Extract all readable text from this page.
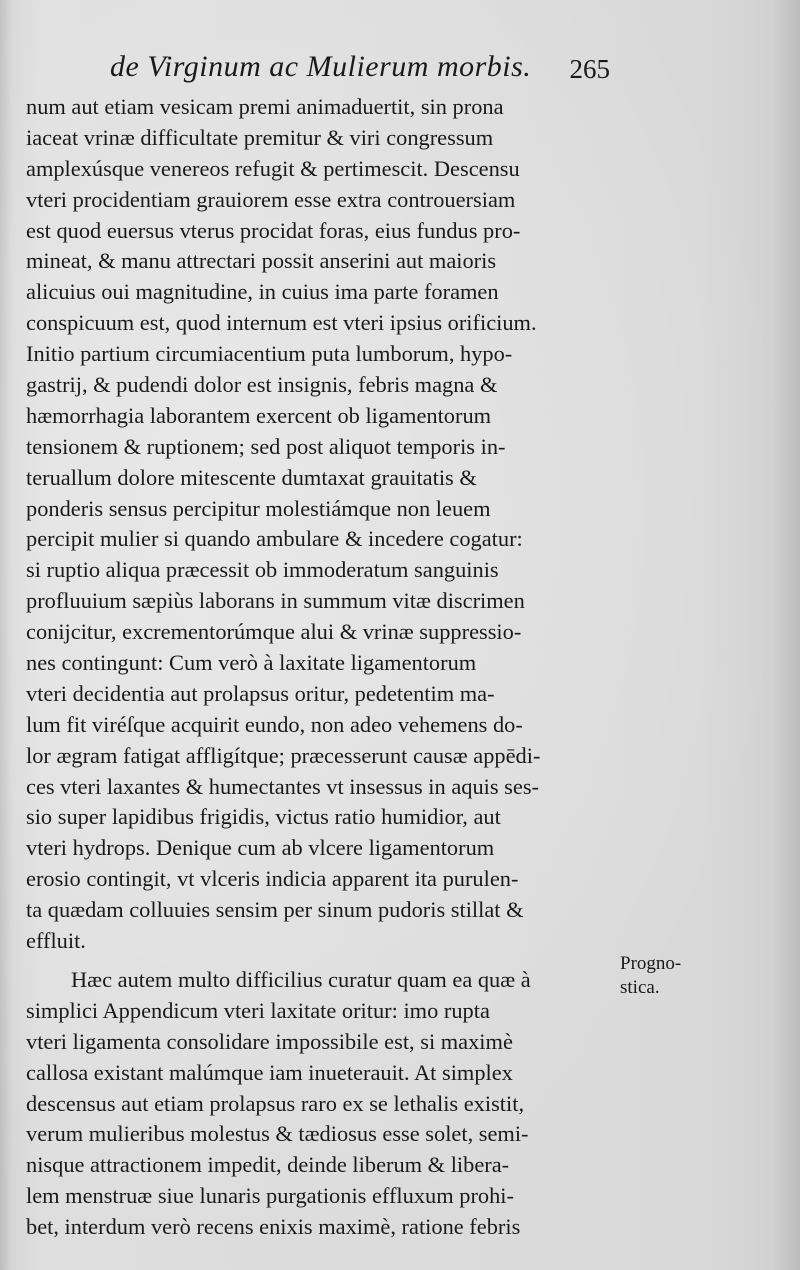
de Virginum ac Mulierum morbis. 265
num aut etiam vesicam premi animaduertit, sin prona
iaceat vrinæ difficultate premitur & viri congressum
amplexúsque venereos refugit & pertimescit. Descensu
vteri procidentiam grauiorem esse extra controuersiam
est quod euersus vterus procidat foras, eius fundus pro-
mineat, & manu attrectari possit anserini aut maioris
alicuius oui magnitudine, in cuius ima parte foramen
conspicuum est, quod internum est vteri ipsius orificium.
Initio partium circumiacentium puta lumborum, hypo-
gastrij, & pudendi dolor est insignis, febris magna &
hæmorrhagia laborantem exercent ob ligamentorum
tensionem & ruptionem; sed post aliquot temporis in-
teruallum dolore mitescente dumtaxat grauitatis &
ponderis sensus percipitur molestiámque non leuem
percipit mulier si quando ambulare & incedere cogatur:
si ruptio aliqua præcessit ob immoderatum sanguinis
profluuium sæpiùs laborans in summum vitæ discrimen
conijcitur, excrementorúmque alui & vrinæ suppressio-
nes contingunt: Cum verò à laxitate ligamentorum
vteri decidentia aut prolapsus oritur, pedetentim ma-
lum fit viréſque acquirit eundo, non adeo vehemens do-
lor ægram fatigat affligítque; præcesserunt causæ appēdi-
ces vteri laxantes & humectantes vt insessus in aquis ses-
sio super lapidibus frigidis, victus ratio humidior, aut
vteri hydrops. Denique cum ab vlcere ligamentorum
erosio contingit, vt vlceris indicia apparent ita purulen-
ta quædam colluuies sensim per sinum pudoris stillat &
effluit.
Hæc autem multo difficilius curatur quam ea quæ à
simplici Appendicum vteri laxitate oritur: imo rupta
vteri ligamenta consolidare impossibile est, si maximè
callosa existant malúmque iam inueterauit. At simplex
descensus aut etiam prolapsus raro ex se lethalis existit,
verum mulieribus molestus & tædiosus esse solet, semi-
nisque attractionem impedit, deinde liberum & libera-
lem menstruæ siue lunaris purgationis effluxum prohi-
bet, interdum verò recens enixis maximè, ratione febris
Progno-
stica.
